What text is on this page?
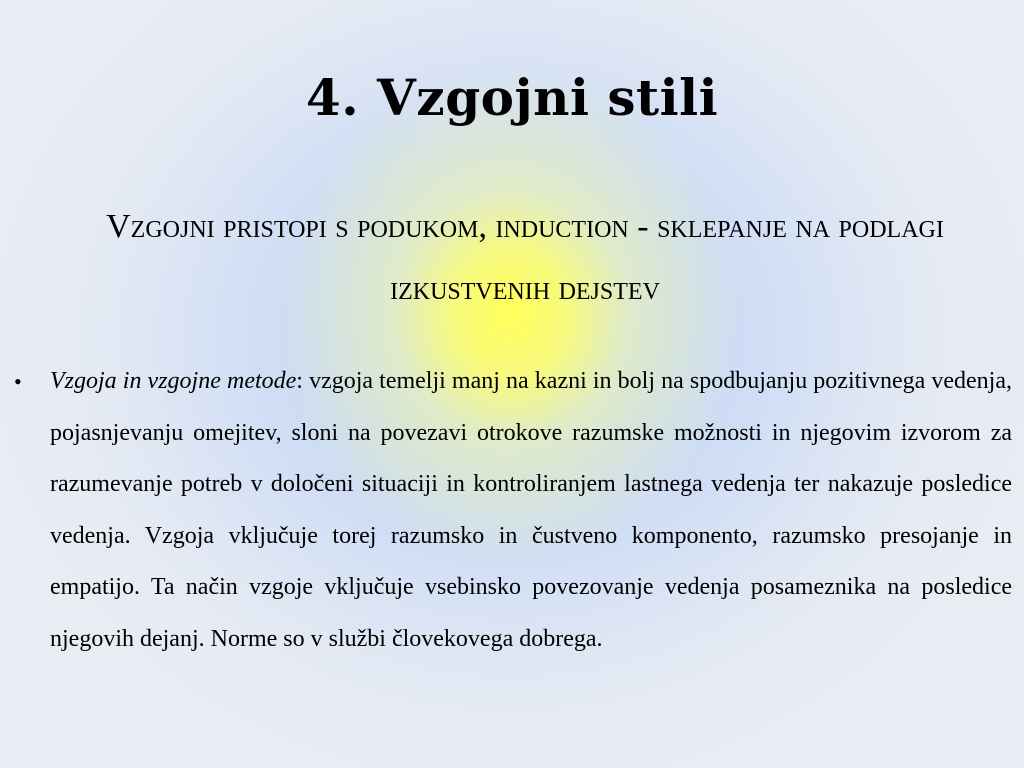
4. Vzgojni stili
Vzgojni pristopi s podukom, induction - sklepanje na podlagi izkustvenih dejstev
• Vzgoja in vzgojne metode: vzgoja temelji manj na kazni in bolj na spodbujanju pozitivnega vedenja, pojasnjevanju omejitev, sloni na povezavi otrokove razumske možnosti in njegovim izvorom za razumevanje potreb v določeni situaciji in kontroliranjem lastnega vedenja ter nakazuje posledice vedenja. Vzgoja vključuje torej razumsko in čustveno komponento, razumsko presojanje in empatijo. Ta način vzgoje vključuje vsebinsko povezovanje vedenja posameznika na posledice njegovih dejanj. Norme so v službi človekovega dobrega.
